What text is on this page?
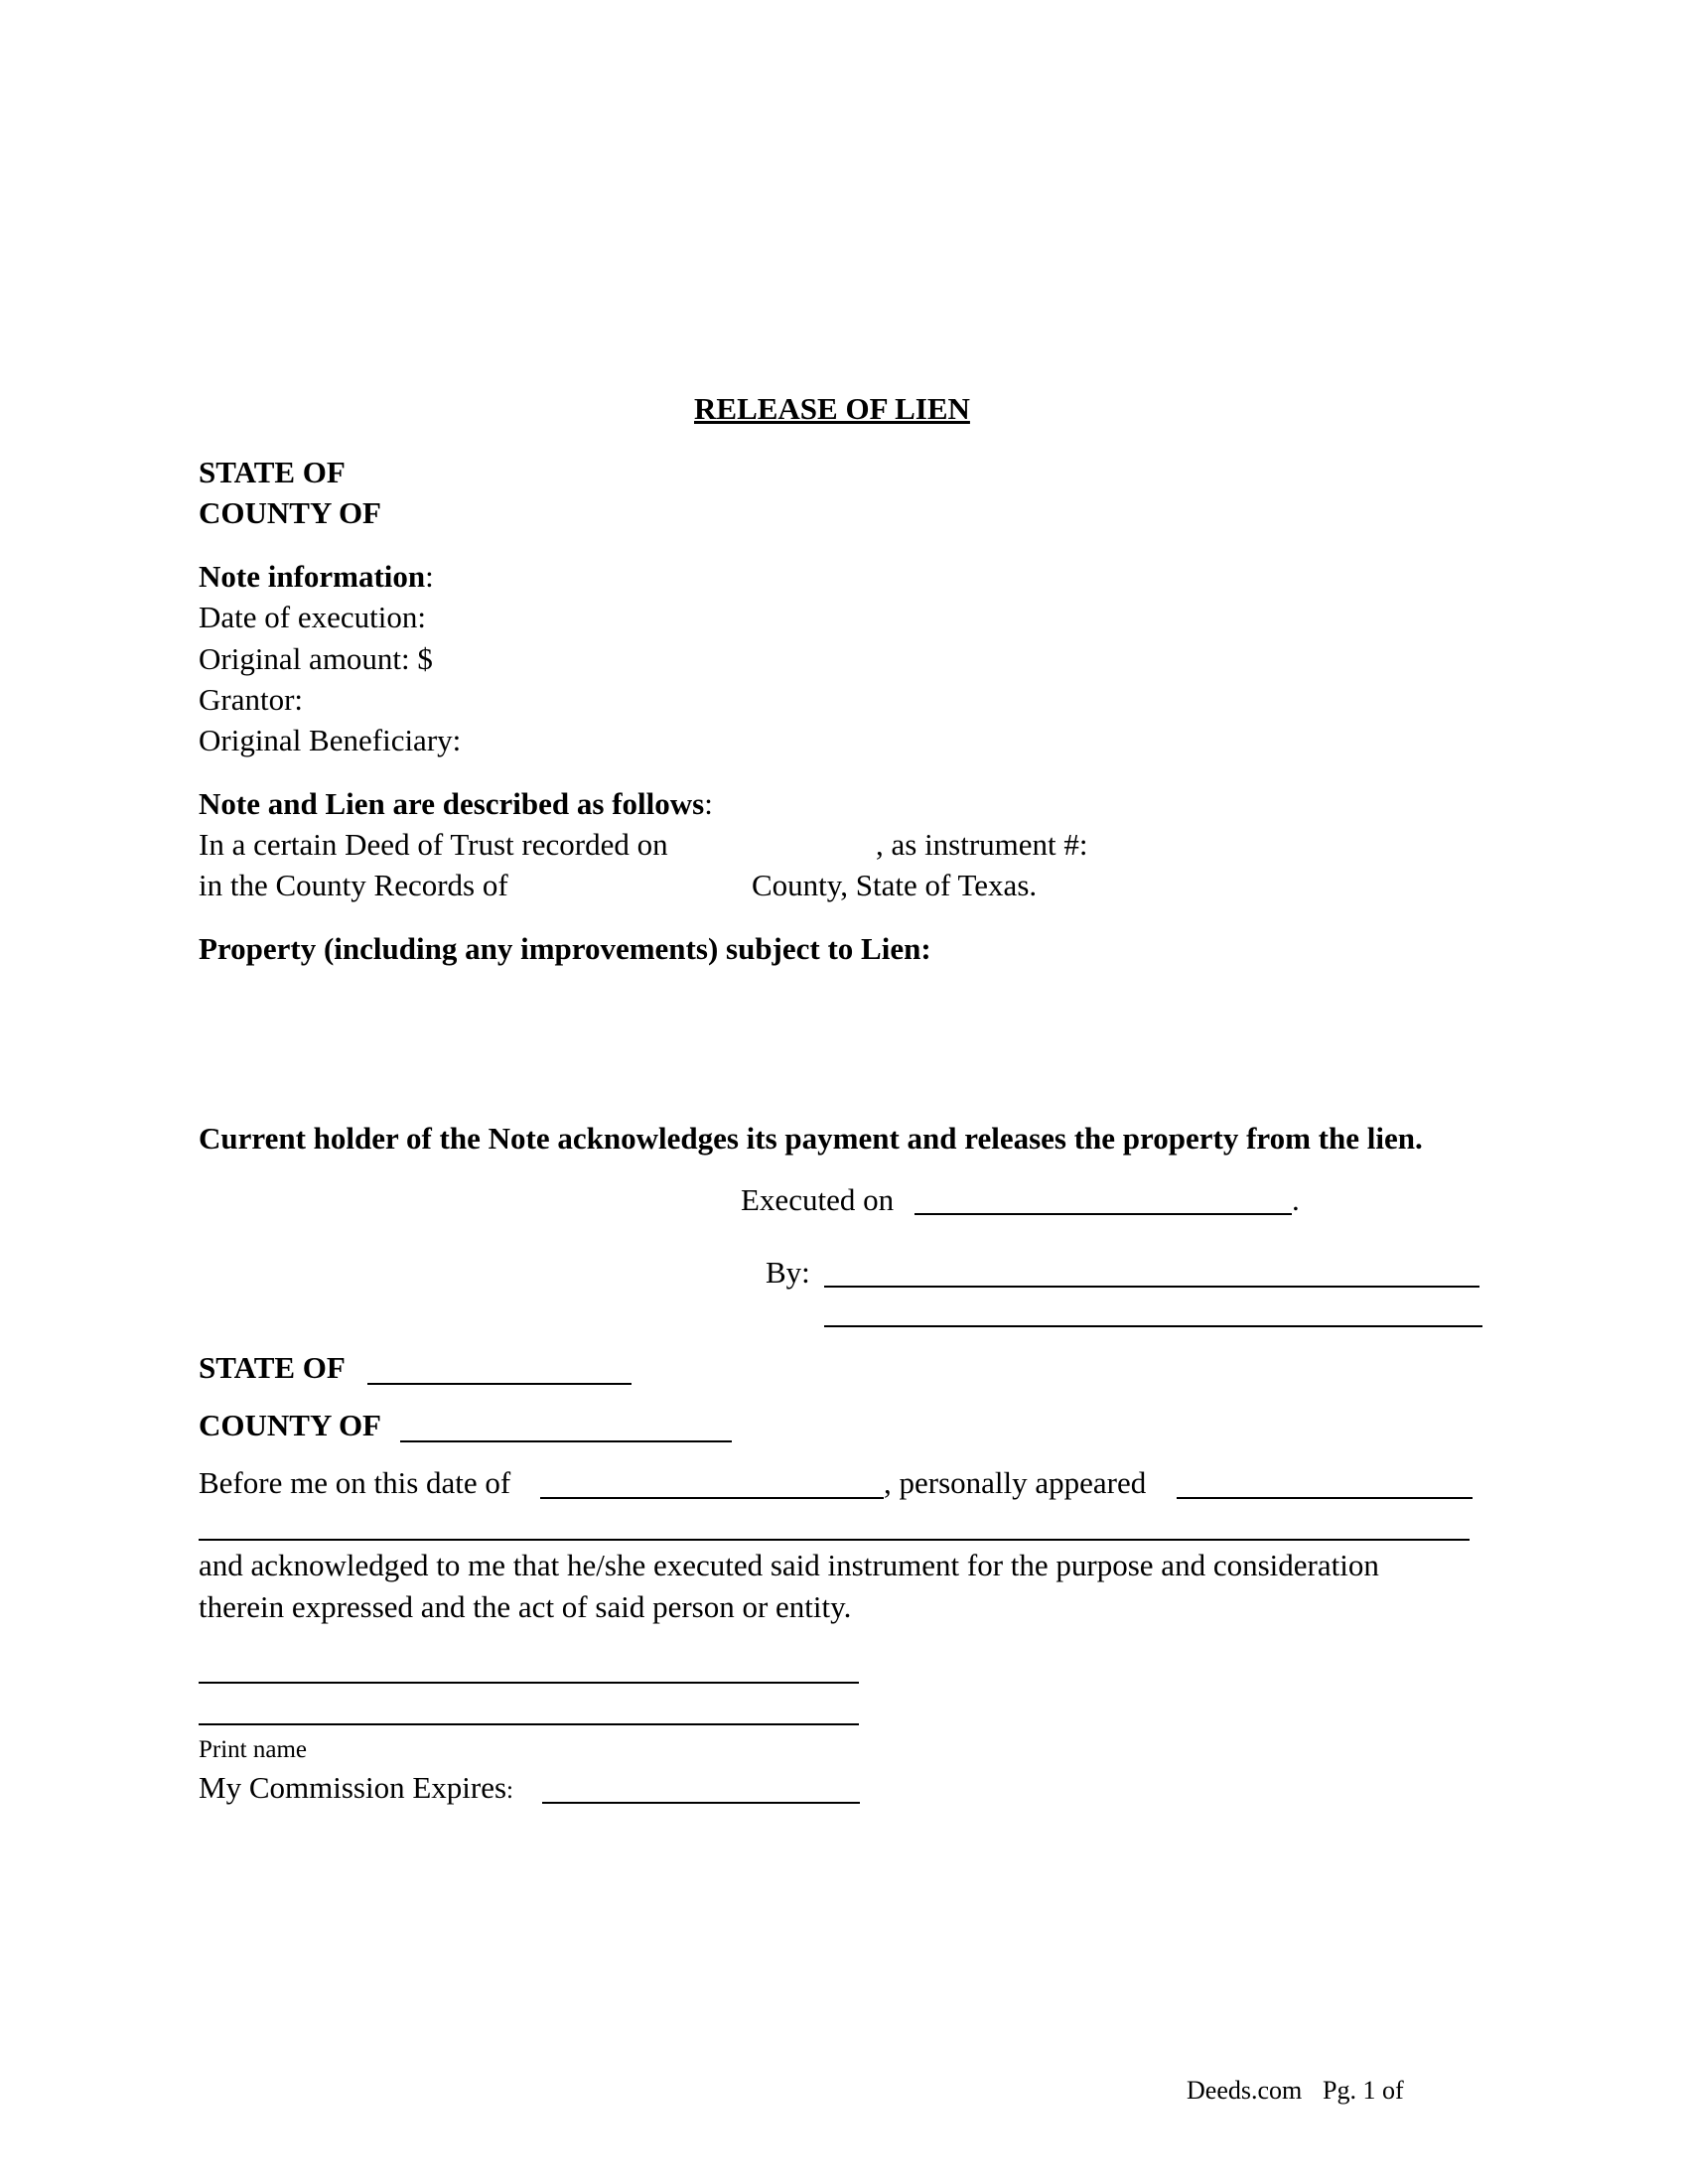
RELEASE OF LIEN
STATE OF
COUNTY OF
Note information:
Date of execution:
Original amount: $
Grantor:
Original Beneficiary:
Note and Lien are described as follows:
In a certain Deed of Trust recorded on	, as instrument #:
in the County Records of	County, State of Texas.
Property (including any improvements) subject to Lien:
Current holder of the Note acknowledges its payment and releases the property from the lien.
Executed on	.
By:
STATE OF
COUNTY OF
Before me on this date of	, personally appeared
and acknowledged to me that he/she executed said instrument for the purpose and consideration
therein expressed and the act of said person or entity.
Print name
My Commission Expires:
Deeds.com Pg. 1 of
